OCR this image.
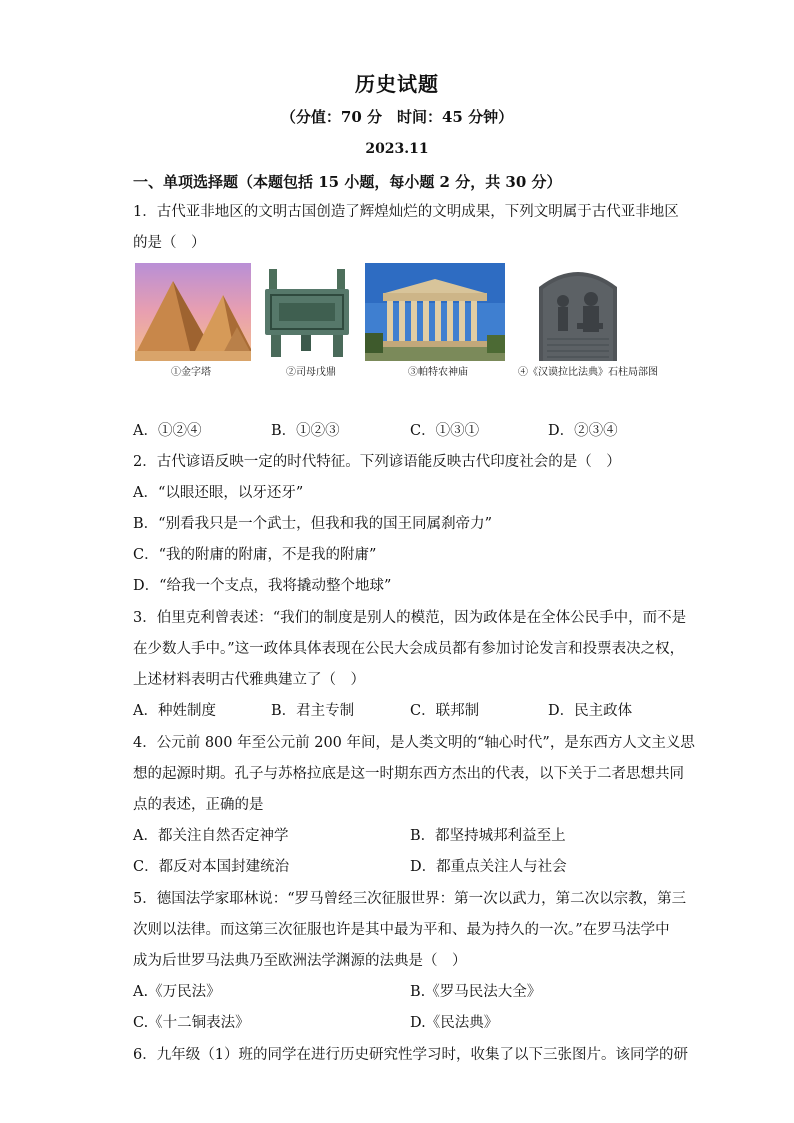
历史试题
（分值：70 分　时间：45 分钟）
2023.11
一、单项选择题（本题包括 15 小题，每小题 2 分，共 30 分）
1．古代亚非地区的文明古国创造了辉煌灿烂的文明成果，下列文明属于古代亚非地区
的是（　）
①金字塔	②司母戊鼎	③帕特农神庙	④《汉谟拉比法典》石柱局部图
A．①②④	B．①②③	C．①③①	D．②③④
2．古代谚语反映一定的时代特征。下列谚语能反映古代印度社会的是（　）
A．“以眼还眼，以牙还牙”
B．“别看我只是一个武士，但我和我的国王同属刹帝力”
C．“我的附庸的附庸，不是我的附庸”
D．“给我一个支点，我将撬动整个地球”
3．伯里克利曾表述：“我们的制度是别人的模范，因为政体是在全体公民手中，而不是
在少数人手中。”这一政体具体表现在公民大会成员都有参加讨论发言和投票表决之权，
上述材料表明古代雅典建立了（　）
A．种姓制度	B．君主专制	C．联邦制	D．民主政体
4．公元前 800 年至公元前 200 年间，是人类文明的“轴心时代”，是东西方人文主义思
想的起源时期。孔子与苏格拉底是这一时期东西方杰出的代表，以下关于二者思想共同
点的表述，正确的是
A．都关注自然否定神学	B．都坚持城邦利益至上
C．都反对本国封建统治	D．都重点关注人与社会
5．德国法学家耶林说：“罗马曾经三次征服世界：第一次以武力，第二次以宗教，第三
次则以法律。而这第三次征服也许是其中最为平和、最为持久的一次。”在罗马法学中
成为后世罗马法典乃至欧洲法学渊源的法典是（　）
A.《万民法》	B.《罗马民法大全》
C.《十二铜表法》	D.《民法典》
6．九年级（1）班的同学在进行历史研究性学习时，收集了以下三张图片。该同学的研
